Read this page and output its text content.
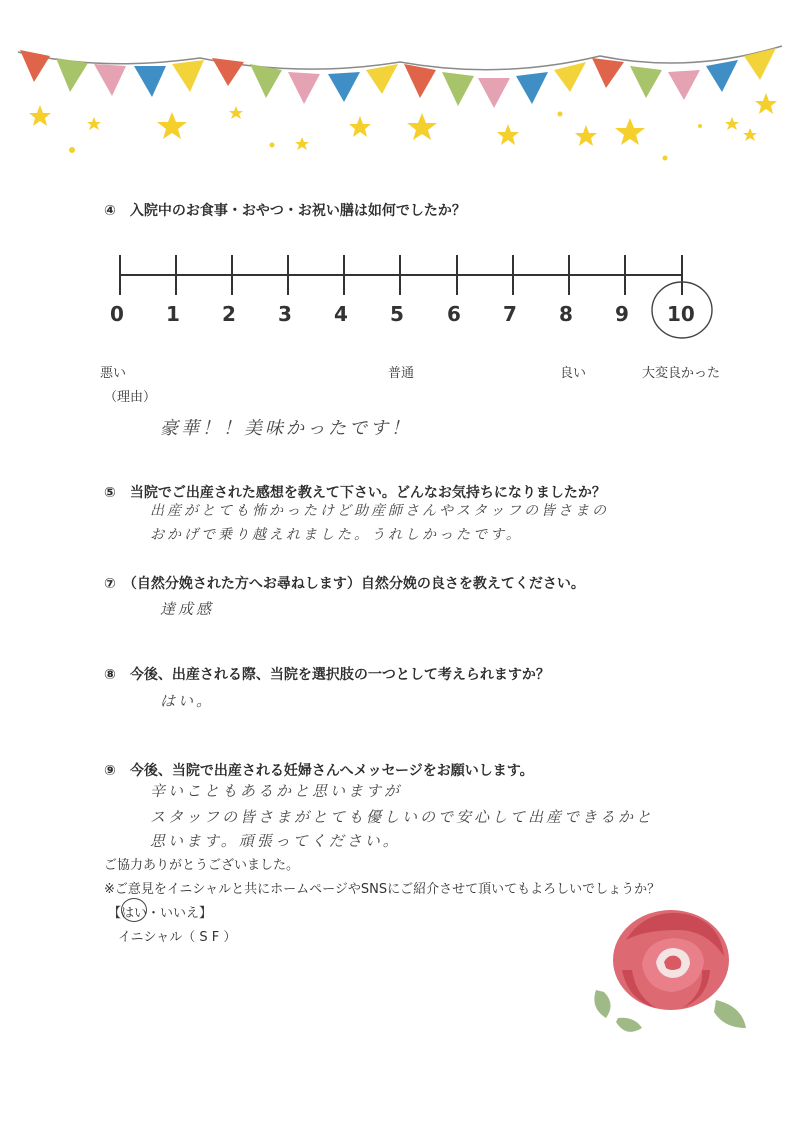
④　入院中のお食事・おやつ・お祝い膳は如何でしたか？
0 1 2 3 4 5 6 7 8 9 10
悪い	普通	良い	大変良かった
（理由）
豪華！！美味かったです！
⑤　当院でご出産された感想を教えて下さい。どんなお気持ちになりましたか？
出産がとても怖かったけど助産師さんやスタッフの皆さまの
おかげで乗り越えれました。うれしかったです。
⑦　（自然分娩された方へお尋ねします）自然分娩の良さを教えてください。
達成感
⑧　今後、出産される際、当院を選択肢の一つとして考えられますか？
はい。
⑨　今後、当院で出産される妊婦さんへメッセージをお願いします。
辛いこともあるかと思いますが
スタッフの皆さまがとても優しいので安心して出産できるかと
思います。頑張ってください。
ご協力ありがとうございました。
※ご意見をイニシャルと共にホームページやSNSにご紹介させて頂いてもよろしいでしょうか？
【はい・いいえ】
イニシャル（ S F ）
